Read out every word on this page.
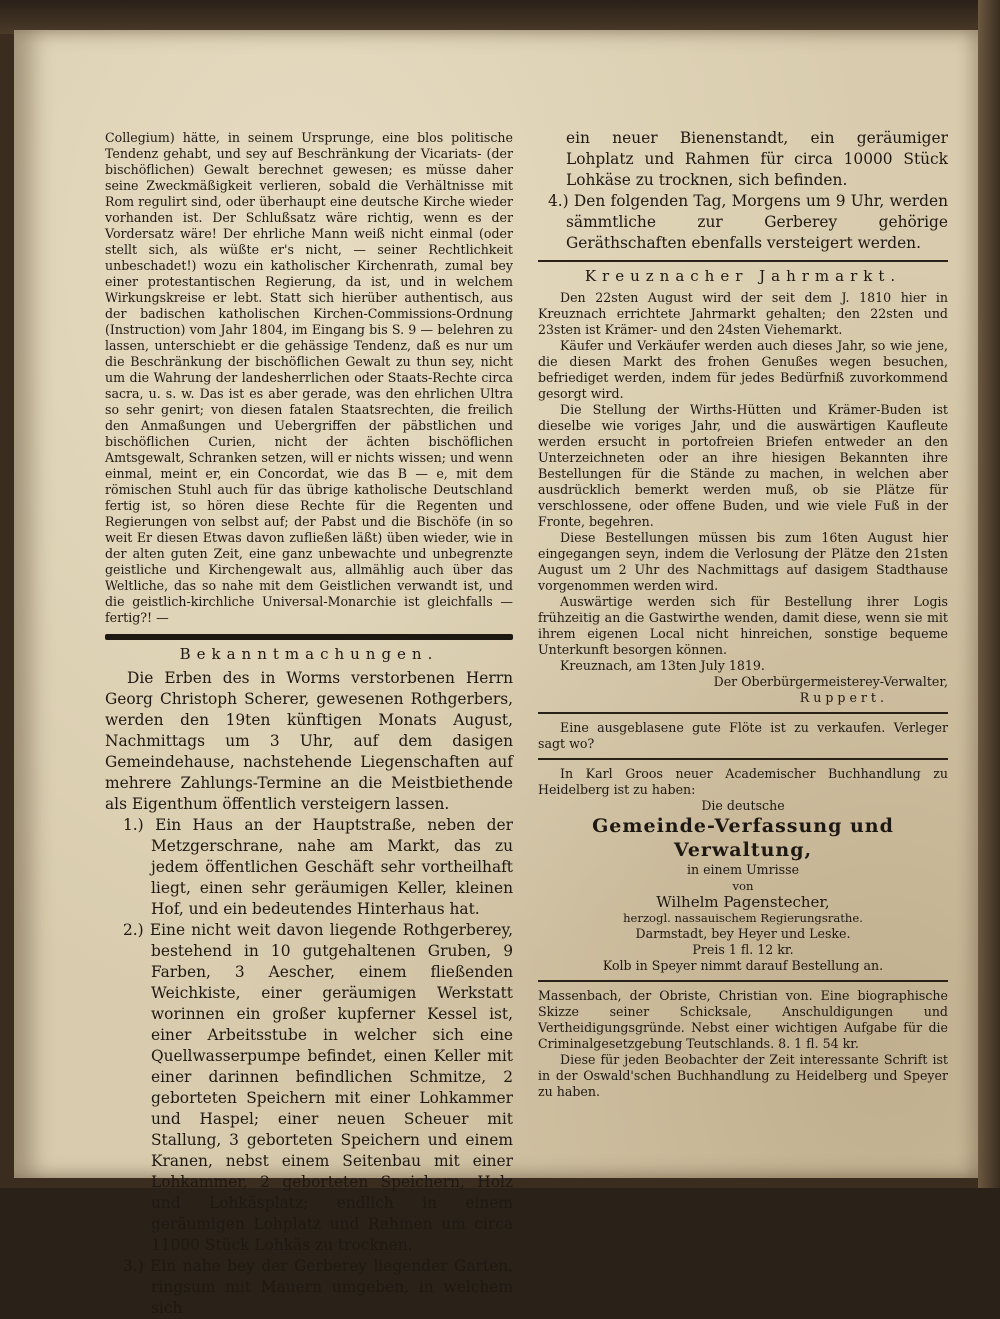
Collegium) hätte, in seinem Ursprunge, eine blos politische Tendenz gehabt, und sey auf Beschränkung der Vicariats- (der bischöflichen) Gewalt berechnet gewesen; es müsse daher seine Zweckmäßigkeit verlieren, sobald die Verhältnisse mit Rom regulirt sind, oder überhaupt eine deutsche Kirche wieder vorhanden ist. Der Schlußsatz wäre richtig, wenn es der Vordersatz wäre! Der ehrliche Mann weiß nicht einmal (oder stellt sich, als wüßte er's nicht, — seiner Rechtlichkeit unbeschadet!) wozu ein katholischer Kirchenrath, zumal bey einer protestantischen Regierung, da ist, und in welchem Wirkungskreise er lebt. Statt sich hierüber authentisch, aus der badischen katholischen Kirchen-Commissions-Ordnung (Instruction) vom Jahr 1804, im Eingang bis S. 9 — belehren zu lassen, unterschiebt er die gehässige Tendenz, daß es nur um die Beschränkung der bischöflichen Gewalt zu thun sey, nicht um die Wahrung der landesherrlichen oder Staats-Rechte circa sacra, u. s. w. Das ist es aber gerade, was den ehrlichen Ultra so sehr genirt; von diesen fatalen Staatsrechten, die freilich den Anmaßungen und Uebergriffen der päbstlichen und bischöflichen Curien, nicht der ächten bischöflichen Amtsgewalt, Schranken setzen, will er nichts wissen; und wenn einmal, meint er, ein Concordat, wie das B — e, mit dem römischen Stuhl auch für das übrige katholische Deutschland fertig ist, so hören diese Rechte für die Regenten und Regierungen von selbst auf; der Pabst und die Bischöfe (in so weit Er diesen Etwas davon zufließen läßt) üben wieder, wie in der alten guten Zeit, eine ganz unbewachte und unbegrenzte geistliche und Kirchengewalt aus, allmählig auch über das Weltliche, das so nahe mit dem Geistlichen verwandt ist, und die geistlich-kirchliche Universal-Monarchie ist gleichfalls — fertig?! —

Bekanntmachungen.

Die Erben des in Worms verstorbenen Herrn Georg Christoph Scherer, gewesenen Rothgerbers, werden den 19ten künftigen Monats August, Nachmittags um 3 Uhr, auf dem dasigen Gemeindehause, nachstehende Liegenschaften auf mehrere Zahlungs-Termine an die Meistbiethende als Eigenthum öffentlich versteigern lassen.

1.) Ein Haus an der Hauptstraße, neben der Metzgerschrane, nahe am Markt, das zu jedem öffentlichen Geschäft sehr vortheilhaft liegt, einen sehr geräumigen Keller, kleinen Hof, und ein bedeutendes Hinterhaus hat.
2.) Eine nicht weit davon liegende Rothgerberey, bestehend in 10 gutgehaltenen Gruben, 9 Farben, 3 Aescher, einem fließenden Weichkiste, einer geräumigen Werkstatt worinnen ein großer kupferner Kessel ist, einer Arbeitsstube in welcher sich eine Quellwasserpumpe befindet, einen Keller mit einer darinnen befindlichen Schmitze, 2 geborteten Speichern mit einer Lohkammer und Haspel; einer neuen Scheuer mit Stallung, 3 geborteten Speichern und einem Kranen, nebst einem Seitenbau mit einer Lohkammer, 2 geborteten Speichern, Holz und Lohkäsplatz; endlich in einem geräumigen Lohplatz und Rahmen um circa 11000 Stück Lohkäs zu trocknen.
3.) Ein nahe bey der Gerberey liegender Garten, ringsum mit Mauern umgeben, in welchem sich
ein neuer Bienenstandt, ein geräumiger Lohplatz und Rahmen für circa 10000 Stück Lohkäse zu trocknen, sich befinden.
4.) Den folgenden Tag, Morgens um 9 Uhr, werden sämmtliche zur Gerberey gehörige Geräthschaften ebenfalls versteigert werden.
Kreuznacher Jahrmarkt.

Den 22sten August wird der seit dem J. 1810 hier in Kreuznach errichtete Jahrmarkt gehalten; den 22sten und 23sten ist Krämer- und den 24sten Viehemarkt.

Käufer und Verkäufer werden auch dieses Jahr, so wie jene, die diesen Markt des frohen Genußes wegen besuchen, befriediget werden, indem für jedes Bedürfniß zuvorkommend gesorgt wird.

Die Stellung der Wirths-Hütten und Krämer-Buden ist dieselbe wie voriges Jahr, und die auswärtigen Kaufleute werden ersucht in portofreien Briefen entweder an den Unterzeichneten oder an ihre hiesigen Bekannten ihre Bestellungen für die Stände zu machen, in welchen aber ausdrücklich bemerkt werden muß, ob sie Plätze für verschlossene, oder offene Buden, und wie viele Fuß in der Fronte, begehren.

Diese Bestellungen müssen bis zum 16ten August hier eingegangen seyn, indem die Verlosung der Plätze den 21sten August um 2 Uhr des Nachmittags auf dasigem Stadthause vorgenommen werden wird.

Auswärtige werden sich für Bestellung ihrer Logis frühzeitig an die Gastwirthe wenden, damit diese, wenn sie mit ihrem eigenen Local nicht hinreichen, sonstige bequeme Unterkunft besorgen können.

Kreuznach, am 13ten July 1819.

Der Oberbürgermeisterey-Verwalter,

Ruppert.

Eine ausgeblasene gute Flöte ist zu verkaufen. Verleger sagt wo?

In Karl Groos neuer Academischer Buchhandlung zu Heidelberg ist zu haben:

Die deutsche
Gemeinde-Verfassung und Verwaltung,
in einem Umrisse
von
Wilhelm Pagenstecher,
herzogl. nassauischem Regierungsrathe.
Darmstadt, bey Heyer und Leske.
Preis 1 fl. 12 kr.

Kolb in Speyer nimmt darauf Bestellung an.

Massenbach, der Obriste, Christian von. Eine biographische Skizze seiner Schicksale, Anschuldigungen und Vertheidigungsgründe. Nebst einer wichtigen Aufgabe für die Criminalgesetzgebung Teutschlands. 8. 1 fl. 54 kr.

Diese für jeden Beobachter der Zeit interessante Schrift ist in der Oswald'schen Buchhandlung zu Heidelberg und Speyer zu haben.
